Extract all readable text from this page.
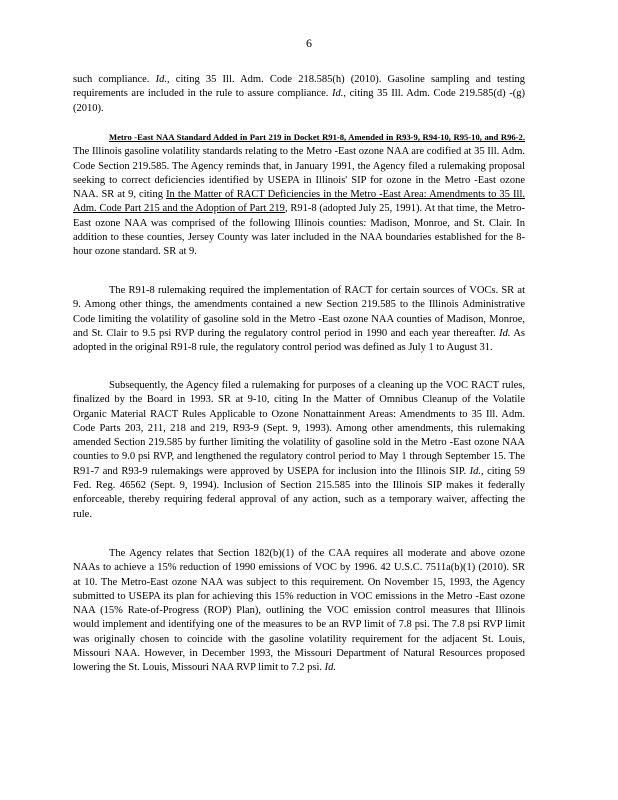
6

such compliance. Id., citing 35 Ill. Adm. Code 218.585(h) (2010). Gasoline sampling and testing requirements are included in the rule to assure compliance. Id., citing 35 Ill. Adm. Code 219.585(d) -(g) (2010).

Metro -East NAA Standard Added in Part 219 in Docket R91-8, Amended in R93-9, R94-10, R95-10, and R96-2. The Illinois gasoline volatility standards relating to the Metro -East ozone NAA are codified at 35 Ill. Adm. Code Section 219.585. The Agency reminds that, in January 1991, the Agency filed a rulemaking proposal seeking to correct deficiencies identified by USEPA in Illinois' SIP for ozone in the Metro -East ozone NAA. SR at 9, citing In the Matter of RACT Deficiencies in the Metro -East Area: Amendments to 35 Ill. Adm. Code Part 215 and the Adoption of Part 219, R91-8 (adopted July 25, 1991). At that time, the Metro-East ozone NAA was comprised of the following Illinois counties: Madison, Monroe, and St. Clair. In addition to these counties, Jersey County was later included in the NAA boundaries established for the 8-hour ozone standard. SR at 9.

The R91-8 rulemaking required the implementation of RACT for certain sources of VOCs. SR at 9. Among other things, the amendments contained a new Section 219.585 to the Illinois Administrative Code limiting the volatility of gasoline sold in the Metro -East ozone NAA counties of Madison, Monroe, and St. Clair to 9.5 psi RVP during the regulatory control period in 1990 and each year thereafter. Id. As adopted in the original R91-8 rule, the regulatory control period was defined as July 1 to August 31.

Subsequently, the Agency filed a rulemaking for purposes of a cleaning up the VOC RACT rules, finalized by the Board in 1993. SR at 9-10, citing In the Matter of Omnibus Cleanup of the Volatile Organic Material RACT Rules Applicable to Ozone Nonattainment Areas: Amendments to 35 Ill. Adm. Code Parts 203, 211, 218 and 219, R93-9 (Sept. 9, 1993). Among other amendments, this rulemaking amended Section 219.585 by further limiting the volatility of gasoline sold in the Metro -East ozone NAA counties to 9.0 psi RVP, and lengthened the regulatory control period to May 1 through September 15. The R91-7 and R93-9 rulemakings were approved by USEPA for inclusion into the Illinois SIP. Id., citing 59 Fed. Reg. 46562 (Sept. 9, 1994). Inclusion of Section 215.585 into the Illinois SIP makes it federally enforceable, thereby requiring federal approval of any action, such as a temporary waiver, affecting the rule.

The Agency relates that Section 182(b)(1) of the CAA requires all moderate and above ozone NAAs to achieve a 15% reduction of 1990 emissions of VOC by 1996. 42 U.S.C. 7511a(b)(1) (2010). SR at 10. The Metro-East ozone NAA was subject to this requirement. On November 15, 1993, the Agency submitted to USEPA its plan for achieving this 15% reduction in VOC emissions in the Metro -East ozone NAA (15% Rate-of-Progress (ROP) Plan), outlining the VOC emission control measures that Illinois would implement and identifying one of the measures to be an RVP limit of 7.8 psi. The 7.8 psi RVP limit was originally chosen to coincide with the gasoline volatility requirement for the adjacent St. Louis, Missouri NAA. However, in December 1993, the Missouri Department of Natural Resources proposed lowering the St. Louis, Missouri NAA RVP limit to 7.2 psi. Id.
